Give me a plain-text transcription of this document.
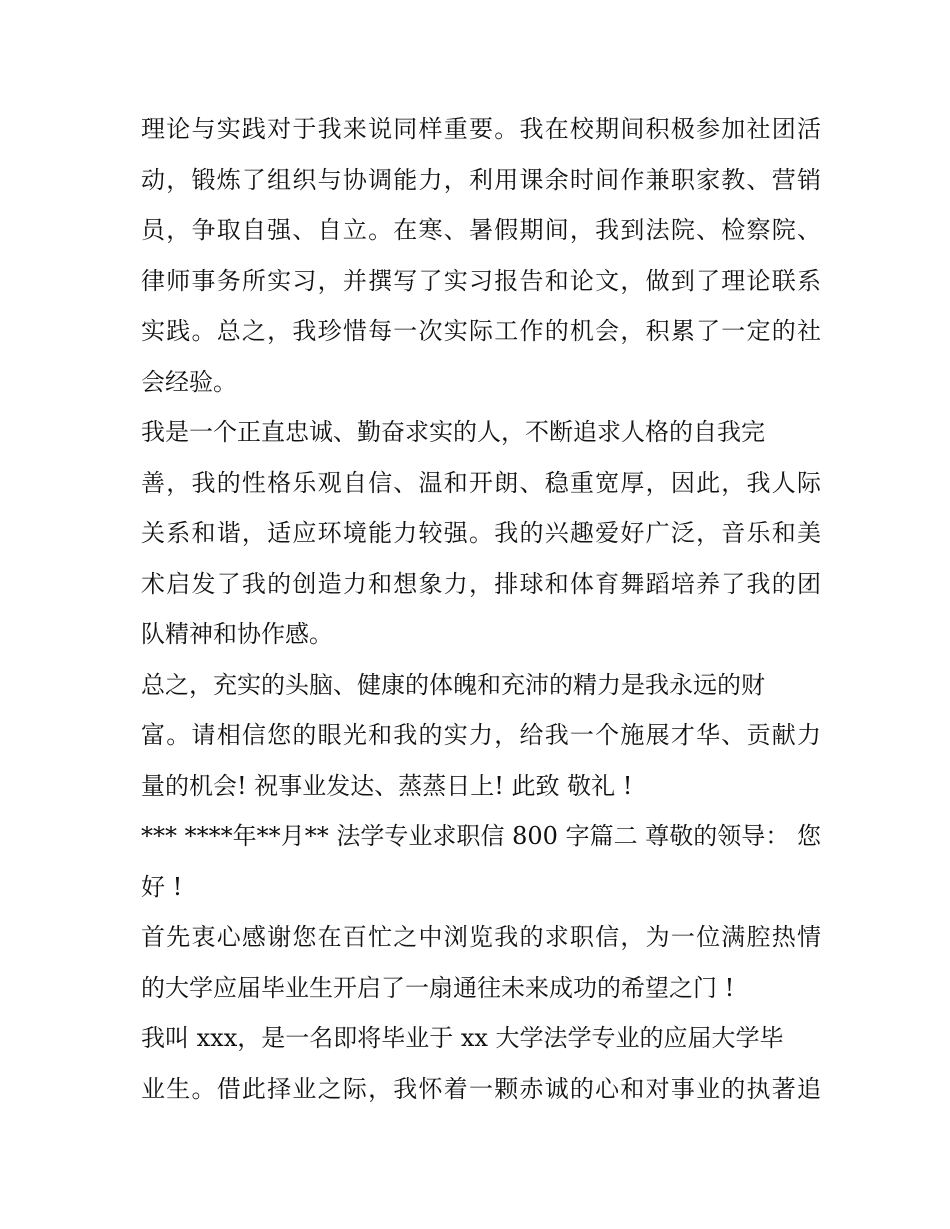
理论与实践对于我来说同样重要。我在校期间积极参加社团活

动，锻炼了组织与协调能力，利用课余时间作兼职家教、营销

员，争取自强、自立。在寒、暑假期间，我到法院、检察院、

律师事务所实习，并撰写了实习报告和论文，做到了理论联系

实践。总之，我珍惜每一次实际工作的机会，积累了一定的社

会经验。

我是一个正直忠诚、勤奋求实的人，不断追求人格的自我完

善，我的性格乐观自信、温和开朗、稳重宽厚，因此，我人际

关系和谐，适应环境能力较强。我的兴趣爱好广泛，音乐和美

术启发了我的创造力和想象力，排球和体育舞蹈培养了我的团

队精神和协作感。

总之，充实的头脑、健康的体魄和充沛的精力是我永远的财

富。请相信您的眼光和我的实力，给我一个施展才华、贡献力

量的机会! 祝事业发达、蒸蒸日上! 此致 敬礼 !

*** ****年**月** 法学专业求职信 800 字篇二 尊敬的领导： 您

好 !

首先衷心感谢您在百忙之中浏览我的求职信，为一位满腔热情

的大学应届毕业生开启了一扇通往未来成功的希望之门 !

我叫 xxx，是一名即将毕业于 xx 大学法学专业的应届大学毕

业生。借此择业之际，我怀着一颗赤诚的心和对事业的执著追
